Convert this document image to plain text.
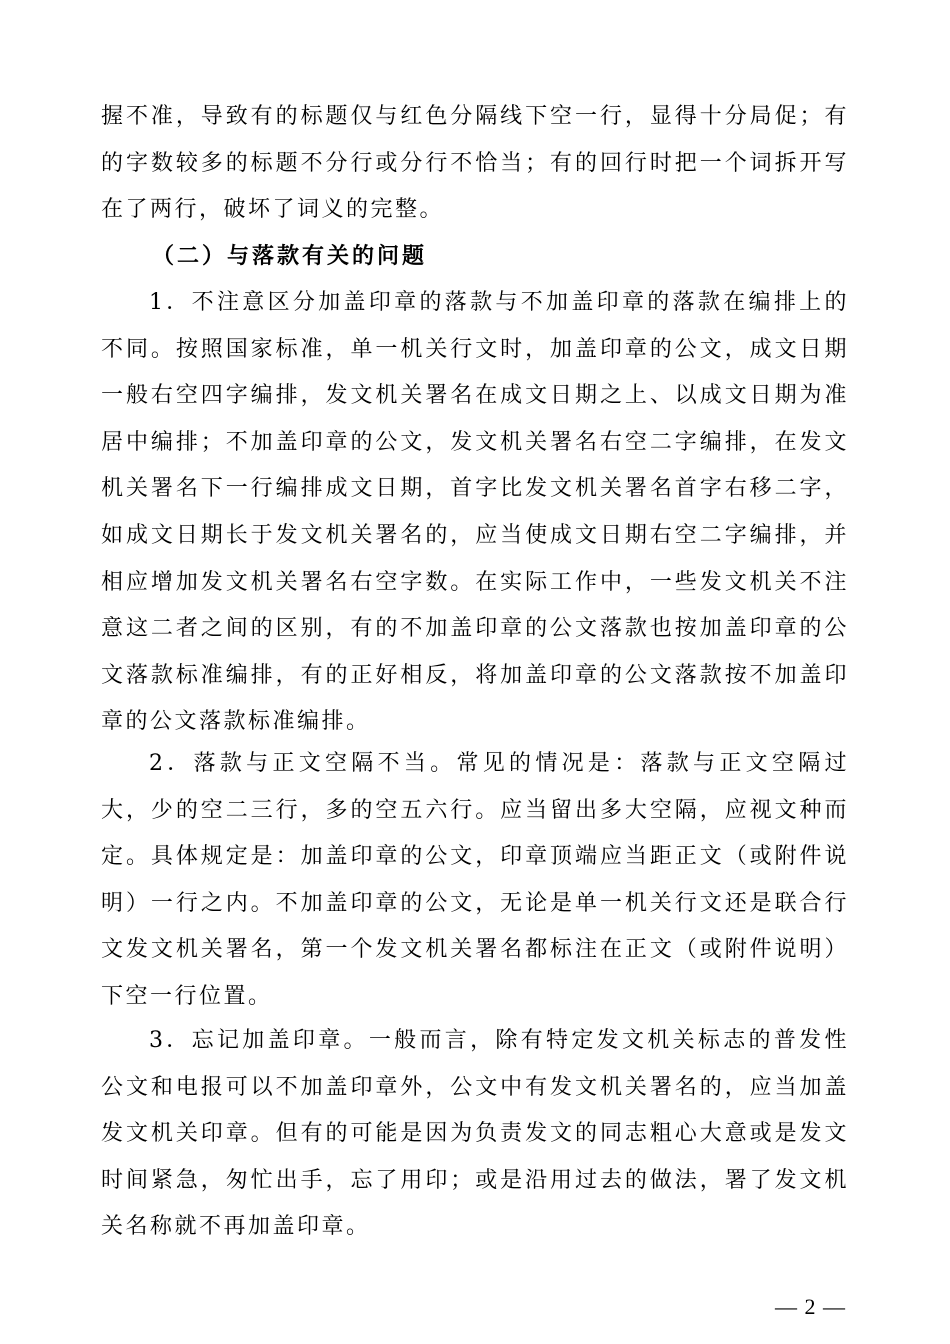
握不准，导致有的标题仅与红色分隔线下空一行，显得十分局促；有的字数较多的标题不分行或分行不恰当；有的回行时把一个词拆开写在了两行，破坏了词义的完整。

（二）与落款有关的问题

1．不注意区分加盖印章的落款与不加盖印章的落款在编排上的不同。按照国家标准，单一机关行文时，加盖印章的公文，成文日期一般右空四字编排，发文机关署名在成文日期之上、以成文日期为准居中编排；不加盖印章的公文，发文机关署名右空二字编排，在发文机关署名下一行编排成文日期，首字比发文机关署名首字右移二字，如成文日期长于发文机关署名的，应当使成文日期右空二字编排，并相应增加发文机关署名右空字数。在实际工作中，一些发文机关不注意这二者之间的区别，有的不加盖印章的公文落款也按加盖印章的公文落款标准编排，有的正好相反，将加盖印章的公文落款按不加盖印章的公文落款标准编排。

2．落款与正文空隔不当。常见的情况是：落款与正文空隔过大，少的空二三行，多的空五六行。应当留出多大空隔，应视文种而定。具体规定是：加盖印章的公文，印章顶端应当距正文（或附件说明）一行之内。不加盖印章的公文，无论是单一机关行文还是联合行文发文机关署名，第一个发文机关署名都标注在正文（或附件说明）下空一行位置。

3．忘记加盖印章。一般而言，除有特定发文机关标志的普发性公文和电报可以不加盖印章外，公文中有发文机关署名的，应当加盖发文机关印章。但有的可能是因为负责发文的同志粗心大意或是发文时间紧急，匆忙出手，忘了用印；或是沿用过去的做法，署了发文机关名称就不再加盖印章。

— 2 —
